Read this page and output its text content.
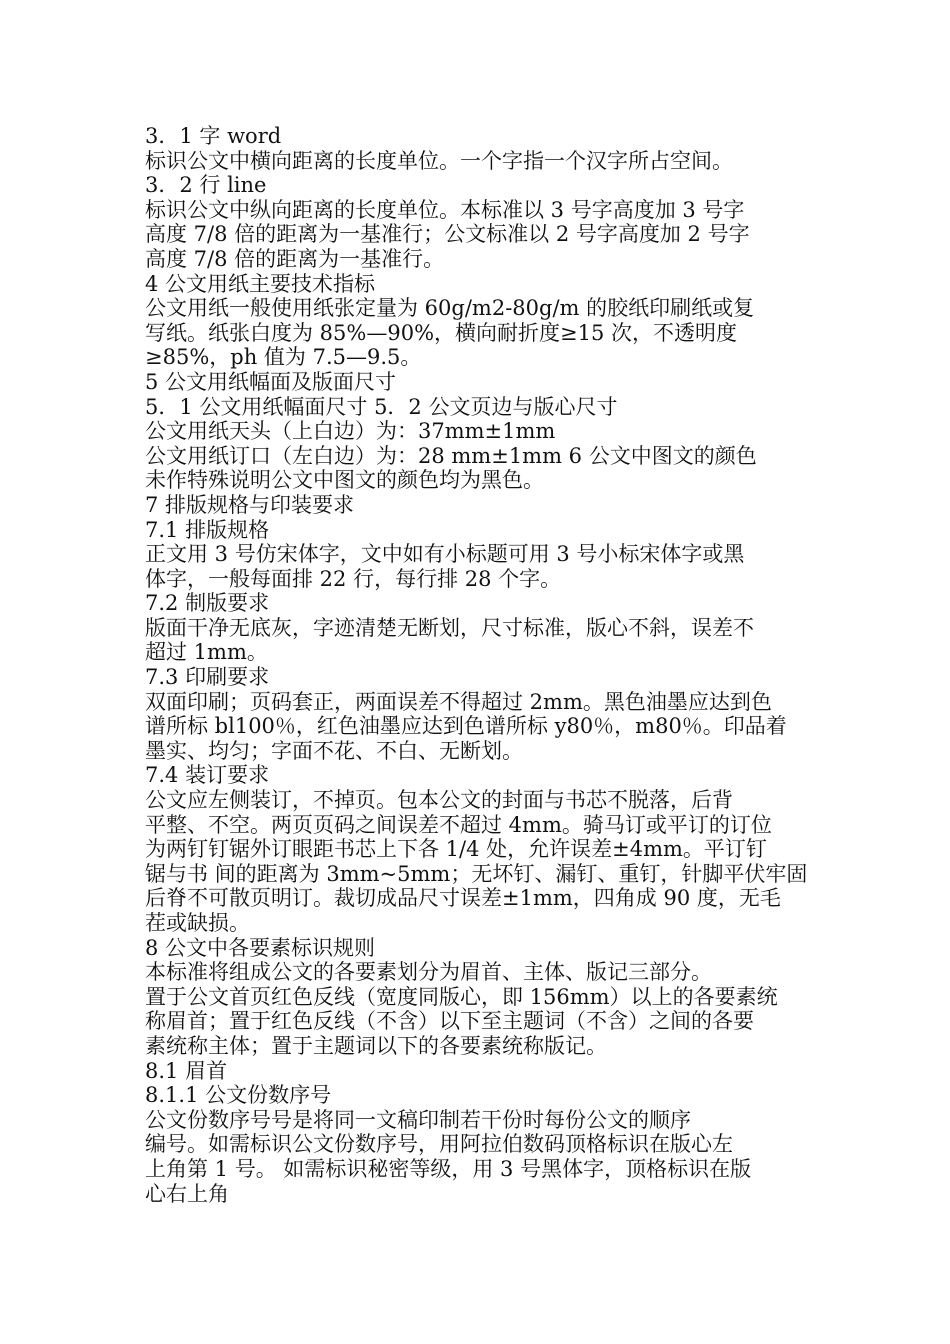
3．1 字 word
标识公文中横向距离的长度单位。一个字指一个汉字所占空间。
3．2 行 line
标识公文中纵向距离的长度单位。本标准以 3 号字高度加 3 号字
高度 7/8 倍的距离为一基准行；公文标准以 2 号字高度加 2 号字
高度 7/8 倍的距离为一基准行。
4 公文用纸主要技术指标
公文用纸一般使用纸张定量为 60g/m2-80g/m 的胶纸印刷纸或复
写纸。纸张白度为 85%—90%，横向耐折度≥15 次，不透明度
≥85%，ph 值为 7.5—9.5。
5 公文用纸幅面及版面尺寸
5．1 公文用纸幅面尺寸 5．2 公文页边与版心尺寸
公文用纸天头（上白边）为：37mm±1mm
公文用纸订口（左白边）为：28 mm±1mm 6 公文中图文的颜色
未作特殊说明公文中图文的颜色均为黑色。
7 排版规格与印装要求
7.1 排版规格
正文用 3 号仿宋体字，文中如有小标题可用 3 号小标宋体字或黑
体字，一般每面排 22 行，每行排 28 个字。
7.2 制版要求
版面干净无底灰，字迹清楚无断划，尺寸标准，版心不斜，误差不
超过 1mm。
7.3 印刷要求
双面印刷；页码套正，两面误差不得超过 2mm。黑色油墨应达到色
谱所标 bl100％，红色油墨应达到色谱所标 y80％，m80％。印品着
墨实、均匀；字面不花、不白、无断划。
7.4 装订要求
公文应左侧装订，不掉页。包本公文的封面与书芯不脱落，后背
平整、不空。两页页码之间误差不超过 4mm。骑马订或平订的订位
为两钉钉锯外订眼距书芯上下各 1/4 处，允许误差±4mm。平订钉
锯与书 间的距离为 3mm~5mm；无坏钉、漏钉、重钉，针脚平伏牢固
后脊不可散页明订。裁切成品尺寸误差±1mm，四角成 90 度，无毛
茬或缺损。
8 公文中各要素标识规则
本标准将组成公文的各要素划分为眉首、主体、版记三部分。
置于公文首页红色反线（宽度同版心，即 156mm）以上的各要素统
称眉首；置于红色反线（不含）以下至主题词（不含）之间的各要
素统称主体；置于主题词以下的各要素统称版记。
8.1 眉首
8.1.1 公文份数序号
公文份数序号号是将同一文稿印制若干份时每份公文的顺序
编号。如需标识公文份数序号，用阿拉伯数码顶格标识在版心左
上角第 1 号。 如需标识秘密等级，用 3 号黑体字，顶格标识在版
心右上角
